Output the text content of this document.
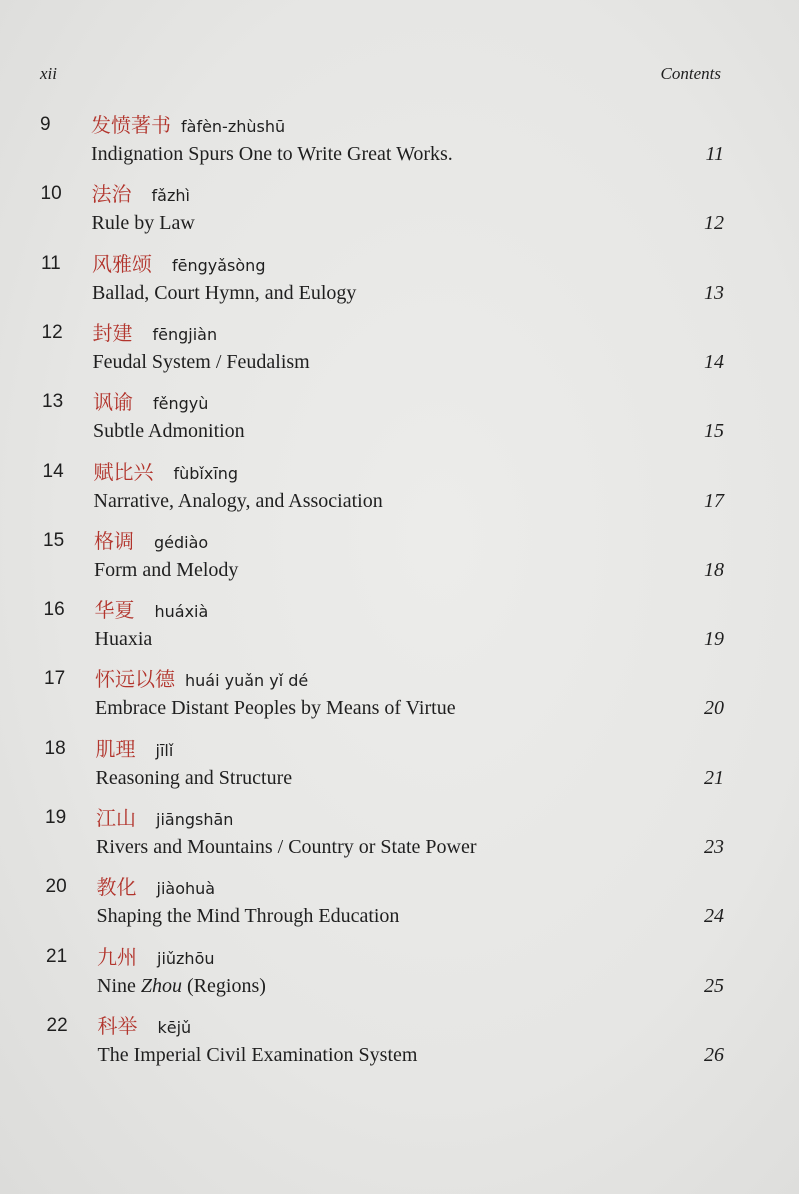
xii	Contents
9 发愤著书 fàfèn-zhùshū
Indignation Spurs One to Write Great Works.	11
10 法治 fǎzhì
Rule by Law	12
11 风雅颂 fēngyǎsòng
Ballad, Court Hymn, and Eulogy	13
12 封建 fēngjiàn
Feudal System / Feudalism	14
13 讽谕 fěngyù
Subtle Admonition	15
14 赋比兴 fùbǐxīng
Narrative, Analogy, and Association	17
15 格调 gédiào
Form and Melody	18
16 华夏 huáxià
Huaxia	19
17 怀远以德 huái yuǎn yǐ dé
Embrace Distant Peoples by Means of Virtue	20
18 肌理 jīlǐ
Reasoning and Structure	21
19 江山 jiāngshān
Rivers and Mountains / Country or State Power	23
20 教化 jiàohuà
Shaping the Mind Through Education	24
21 九州 jiǔzhōu
Nine Zhou (Regions)	25
22 科举 kējǔ
The Imperial Civil Examination System	26
